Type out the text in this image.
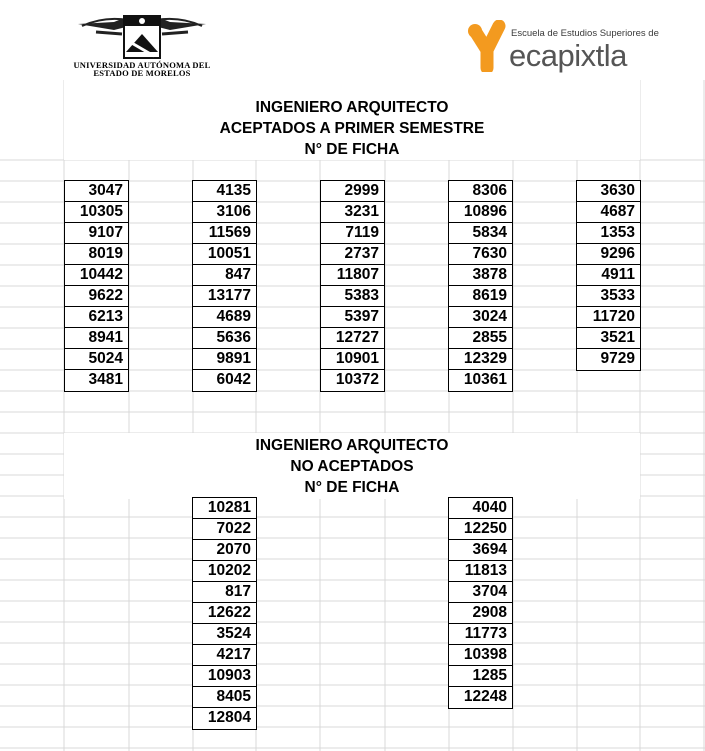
UNIVERSIDAD AUTÓNOMA DEL
ESTADO DE MORELOS
Escuela de Estudios Superiores de
ecapixtla
INGENIERO ARQUITECTO
ACEPTADOS A PRIMER SEMESTRE
N° DE FICHA
3047
10305
9107
8019
10442
9622
6213
8941
5024
3481
4135
3106
11569
10051
847
13177
4689
5636
9891
6042
2999
3231
7119
2737
11807
5383
5397
12727
10901
10372
8306
10896
5834
7630
3878
8619
3024
2855
12329
10361
3630
4687
1353
9296
4911
3533
11720
3521
9729
INGENIERO ARQUITECTO
NO ACEPTADOS
N° DE FICHA
10281
7022
2070
10202
817
12622
3524
4217
10903
8405
12804
4040
12250
3694
11813
3704
2908
11773
10398
1285
12248
